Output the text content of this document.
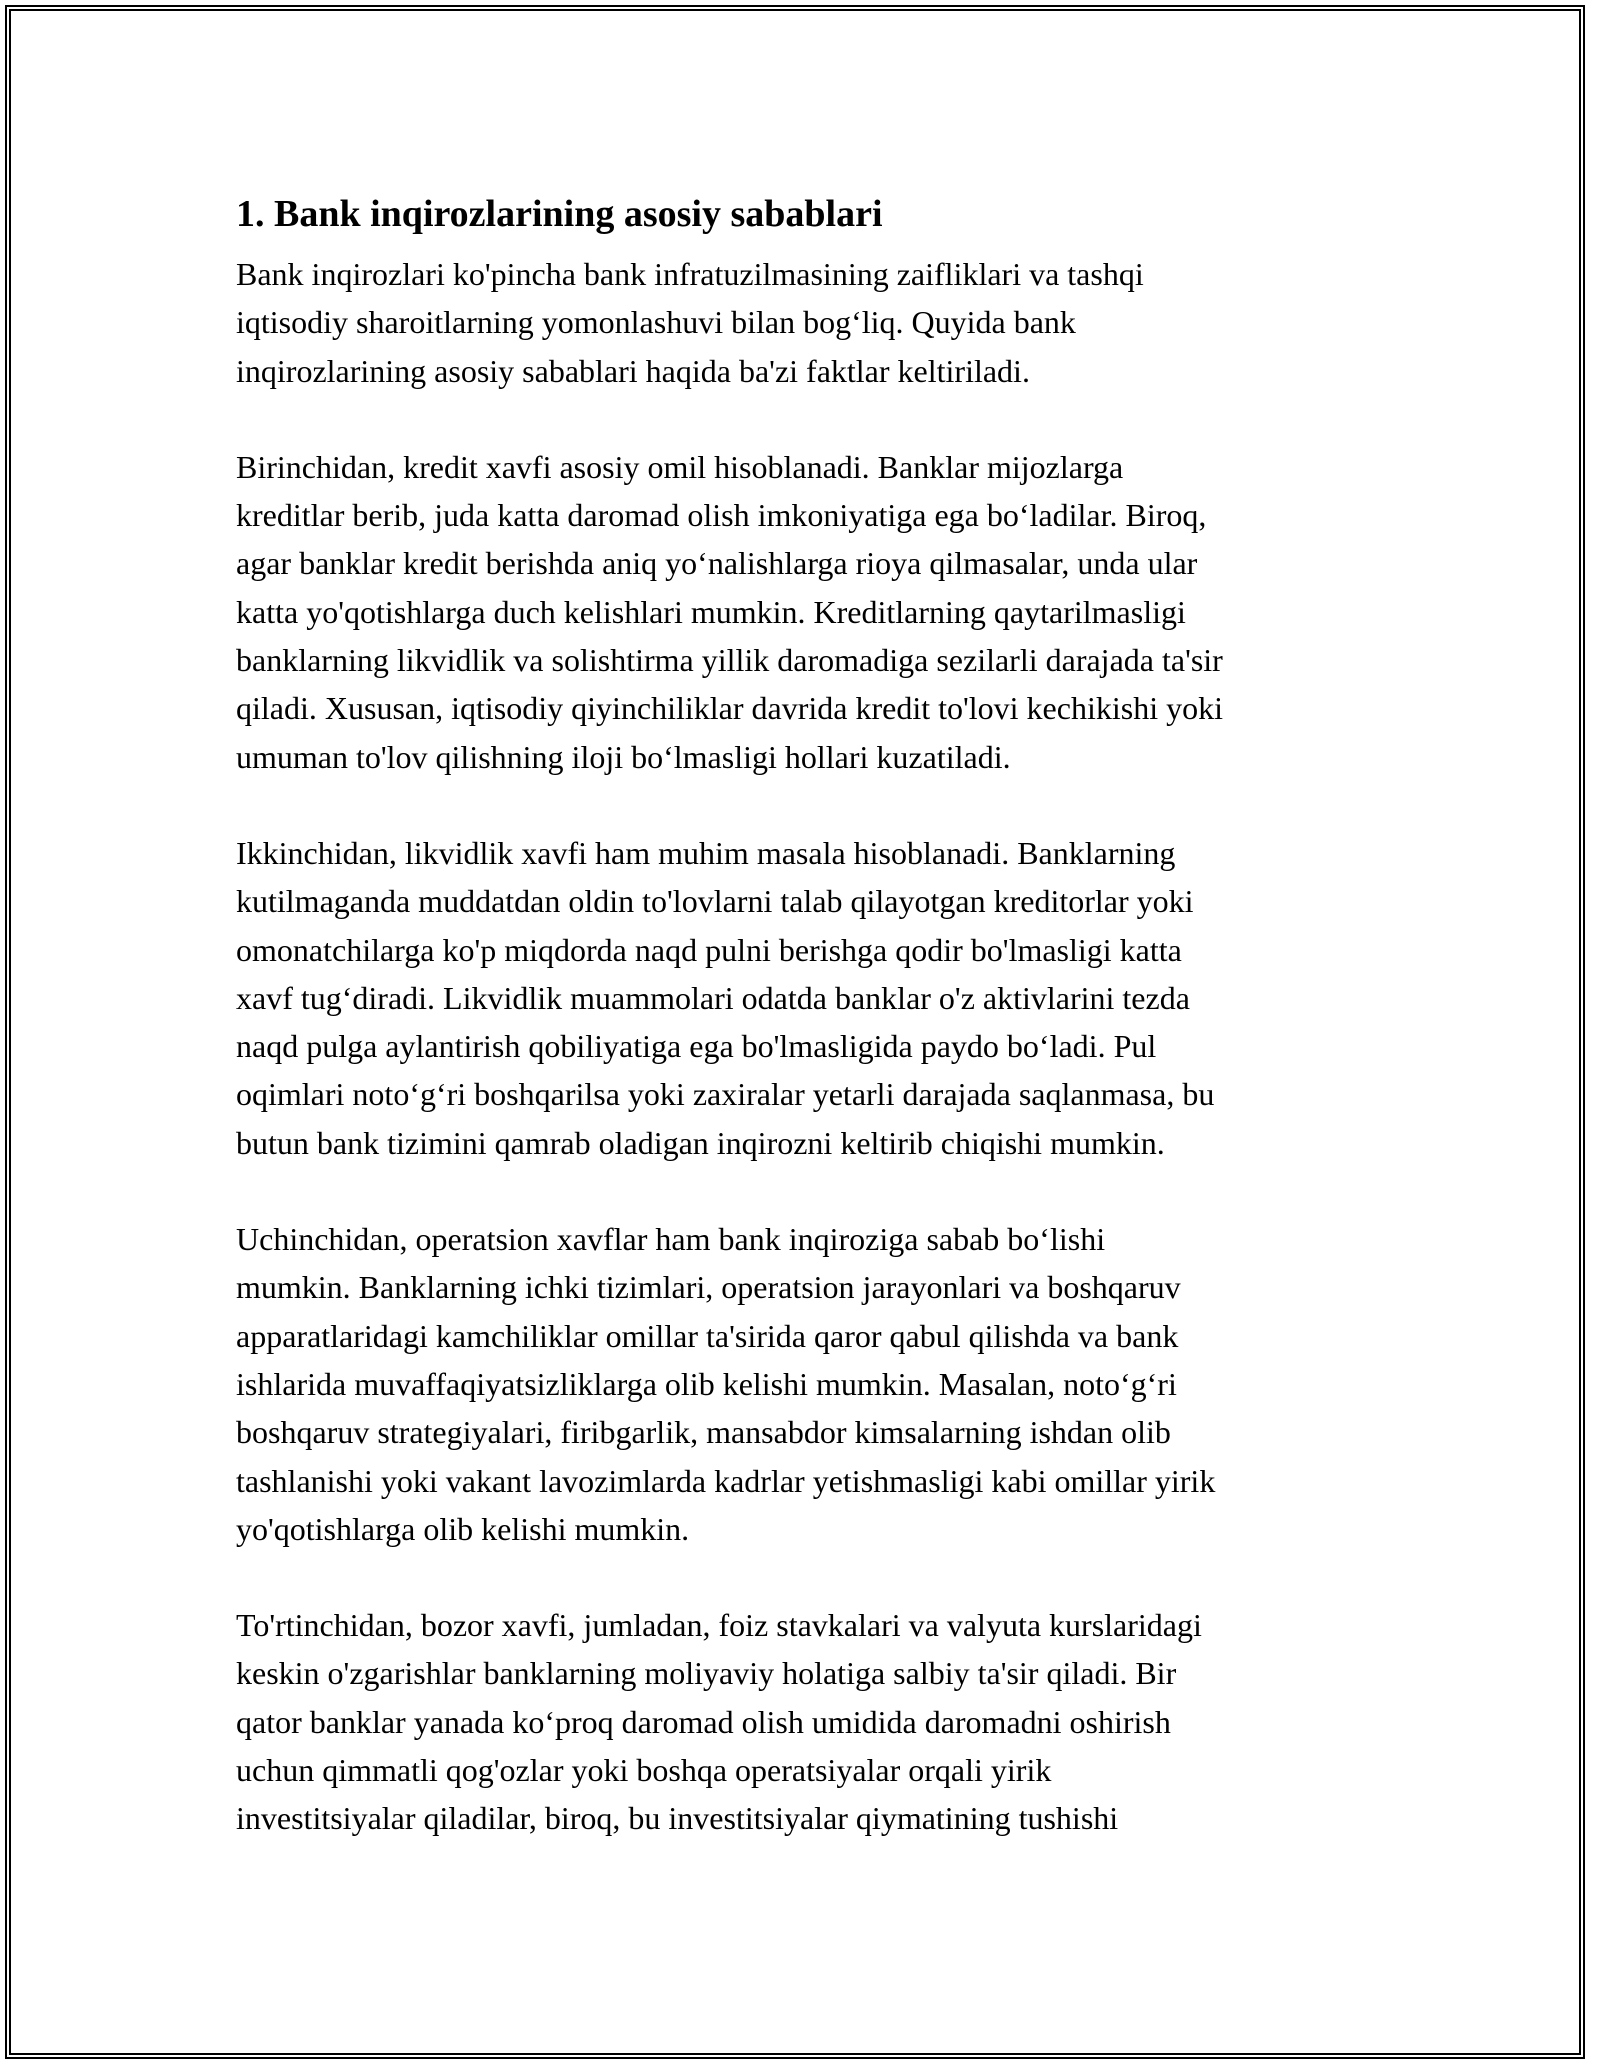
1. Bank inqirozlarining asosiy sabablari
Bank inqirozlari ko'pincha bank infratuzilmasining zaifliklari va tashqi
iqtisodiy sharoitlarning yomonlashuvi bilan bog‘liq. Quyida bank
inqirozlarining asosiy sabablari haqida ba'zi faktlar keltiriladi.
Birinchidan, kredit xavfi asosiy omil hisoblanadi. Banklar mijozlarga
kreditlar berib, juda katta daromad olish imkoniyatiga ega bo‘ladilar. Biroq,
agar banklar kredit berishda aniq yo‘nalishlarga rioya qilmasalar, unda ular
katta yo'qotishlarga duch kelishlari mumkin. Kreditlarning qaytarilmasligi
banklarning likvidlik va solishtirma yillik daromadiga sezilarli darajada ta'sir
qiladi. Xususan, iqtisodiy qiyinchiliklar davrida kredit to'lovi kechikishi yoki
umuman to'lov qilishning iloji bo‘lmasligi hollari kuzatiladi.
Ikkinchidan, likvidlik xavfi ham muhim masala hisoblanadi. Banklarning
kutilmaganda muddatdan oldin to'lovlarni talab qilayotgan kreditorlar yoki
omonatchilarga ko'p miqdorda naqd pulni berishga qodir bo'lmasligi katta
xavf tug‘diradi. Likvidlik muammolari odatda banklar o'z aktivlarini tezda
naqd pulga aylantirish qobiliyatiga ega bo'lmasligida paydo bo‘ladi. Pul
oqimlari noto‘g‘ri boshqarilsa yoki zaxiralar yetarli darajada saqlanmasa, bu
butun bank tizimini qamrab oladigan inqirozni keltirib chiqishi mumkin.
Uchinchidan, operatsion xavflar ham bank inqiroziga sabab bo‘lishi
mumkin. Banklarning ichki tizimlari, operatsion jarayonlari va boshqaruv
apparatlaridagi kamchiliklar omillar ta'sirida qaror qabul qilishda va bank
ishlarida muvaffaqiyatsizliklarga olib kelishi mumkin. Masalan, noto‘g‘ri
boshqaruv strategiyalari, firibgarlik, mansabdor kimsalarning ishdan olib
tashlanishi yoki vakant lavozimlarda kadrlar yetishmasligi kabi omillar yirik
yo'qotishlarga olib kelishi mumkin.
To'rtinchidan, bozor xavfi, jumladan, foiz stavkalari va valyuta kurslaridagi
keskin o'zgarishlar banklarning moliyaviy holatiga salbiy ta'sir qiladi. Bir
qator banklar yanada ko‘proq daromad olish umidida daromadni oshirish
uchun qimmatli qog'ozlar yoki boshqa operatsiyalar orqali yirik
investitsiyalar qiladilar, biroq, bu investitsiyalar qiymatining tushishi
